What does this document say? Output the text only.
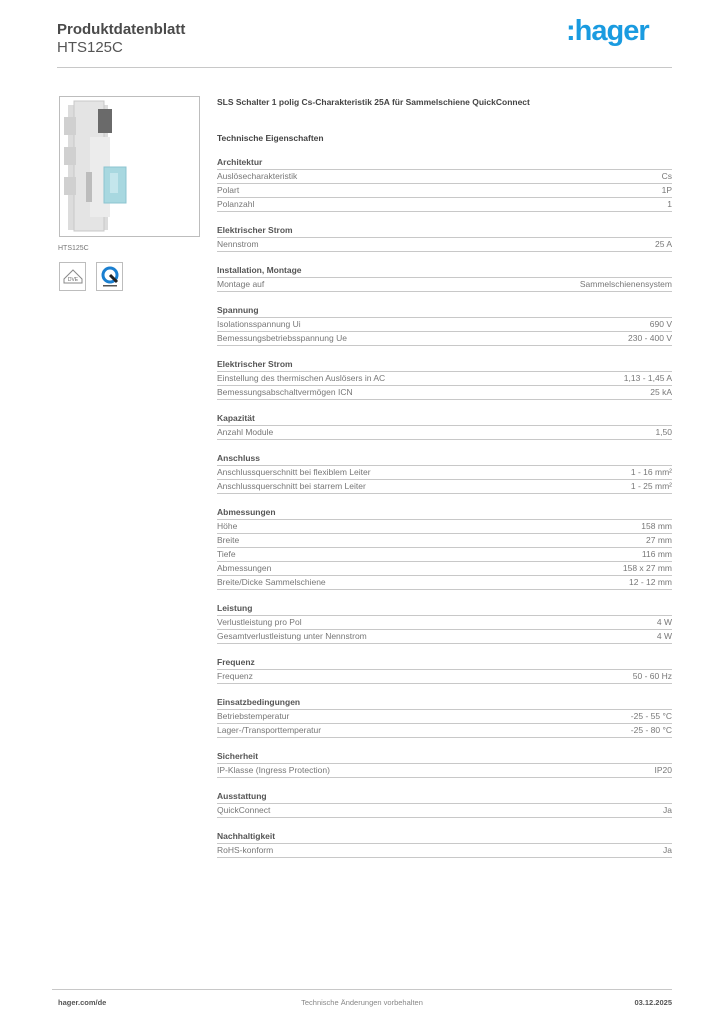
Produktdatenblatt
HTS125C
:hager
HTS125C
DVE
SLS Schalter 1 polig Cs-Charakteristik 25A für Sammelschiene QuickConnect
Technische Eigenschaften
Architektur
Auslösecharakteristik	Cs
Polart	1P
Polanzahl	1
Elektrischer Strom
Nennstrom	25 A
Installation, Montage
Montage auf	Sammelschienensystem
Spannung
Isolationsspannung Ui	690 V
Bemessungsbetriebsspannung Ue	230 - 400 V
Elektrischer Strom
Einstellung des thermischen Auslösers in AC	1,13 - 1,45 A
Bemessungsabschaltvermögen ICN	25 kA
Kapazität
Anzahl Module	1,50
Anschluss
Anschlussquerschnitt bei flexiblem Leiter	1 - 16 mm²
Anschlussquerschnitt bei starrem Leiter	1 - 25 mm²
Abmessungen
Höhe	158 mm
Breite	27 mm
Tiefe	116 mm
Abmessungen	158 x 27 mm
Breite/Dicke Sammelschiene	12 - 12 mm
Leistung
Verlustleistung pro Pol	4 W
Gesamtverlustleistung unter Nennstrom	4 W
Frequenz
Frequenz	50 - 60 Hz
Einsatzbedingungen
Betriebstemperatur	-25 - 55 °C
Lager-/Transporttemperatur	-25 - 80 °C
Sicherheit
IP-Klasse (Ingress Protection)	IP20
Ausstattung
QuickConnect	Ja
Nachhaltigkeit
RoHS-konform	Ja
hager.com/de	Technische Änderungen vorbehalten	03.12.2025
